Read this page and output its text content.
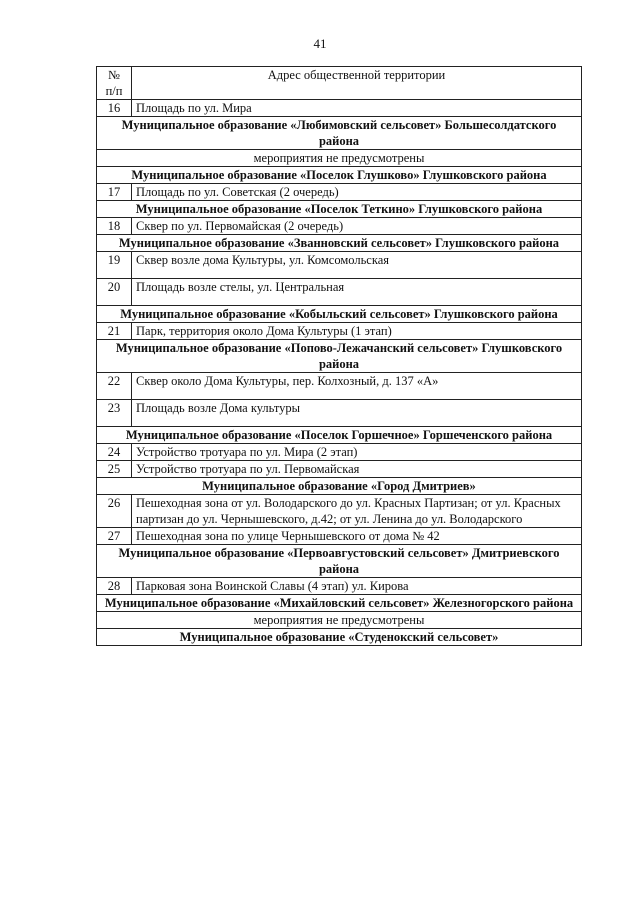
41
№
п/п	Адрес общественной территории
16	Площадь по ул. Мира
Муниципальное образование «Любимовский сельсовет» Большесолдатского района	
мероприятия не предусмотрены	
Муниципальное образование «Поселок Глушково» Глушковского района	
17	Площадь по ул. Советская (2 очередь)
Муниципальное образование «Поселок Теткино» Глушковского района	
18	Сквер по ул. Первомайская (2 очередь)
Муниципальное образование «Званновский сельсовет» Глушковского района	
19	Сквер возле дома Культуры, ул. Комсомольская
20	Площадь возле стелы, ул. Центральная
Муниципальное образование «Кобыльский сельсовет» Глушковского района	
21	Парк, территория около Дома Культуры (1 этап)
Муниципальное образование «Попово-Лежачанский сельсовет» Глушковского района	
22	Сквер около Дома Культуры, пер. Колхозный, д. 137 «А»
23	Площадь возле Дома культуры
Муниципальное образование «Поселок Горшечное» Горшеченского района	
24	Устройство тротуара по ул. Мира (2 этап)
25	Устройство тротуара по ул. Первомайская
Муниципальное образование «Город Дмитриев»	
26	Пешеходная зона от ул. Володарского до ул. Красных Партизан; от ул. Красных партизан до ул. Чернышевского, д.42; от ул. Ленина до ул. Володарского
27	Пешеходная зона по улице Чернышевского от дома № 42
Муниципальное образование «Первоавгустовский сельсовет» Дмитриевского района	
28	Парковая зона Воинской Славы (4 этап) ул. Кирова
Муниципальное образование «Михайловский сельсовет» Железногорского района	
мероприятия не предусмотрены	
Муниципальное образование «Студенокский сельсовет»	
